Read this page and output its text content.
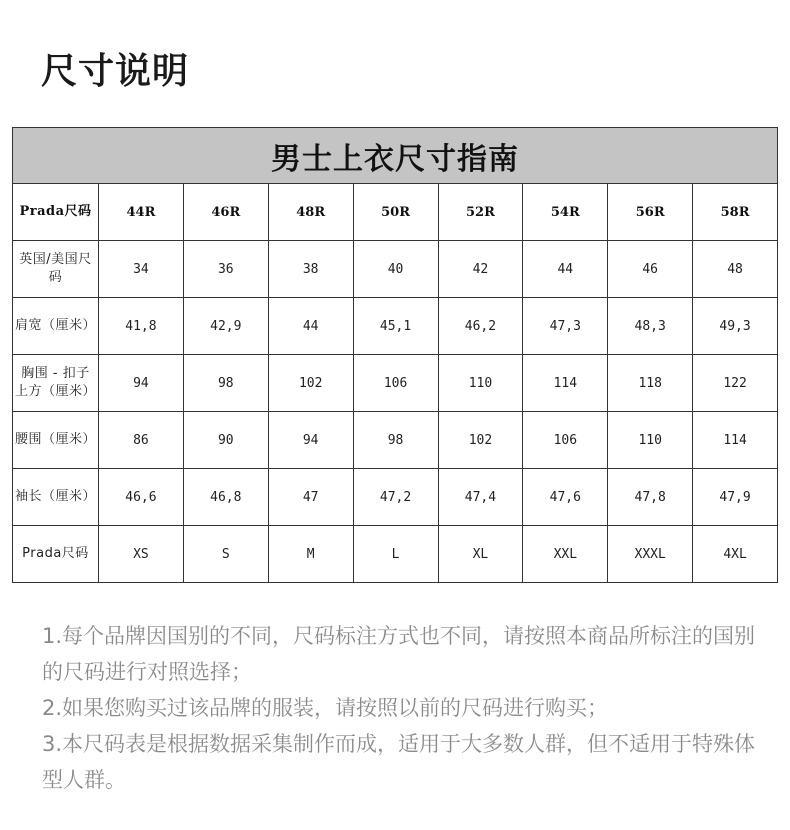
尺寸说明
男士上衣尺寸指南								
Prada尺码	44R	46R	48R	50R	52R	54R	56R	58R
英国/美国尺码	34	36	38	40	42	44	46	48
肩宽（厘米）	41,8	42,9	44	45,1	46,2	47,3	48,3	49,3
胸围 - 扣子上方（厘米）	94	98	102	106	110	114	118	122
腰围（厘米）	86	90	94	98	102	106	110	114
袖长（厘米）	46,6	46,8	47	47,2	47,4	47,6	47,8	47,9
Prada尺码	XS	S	M	L	XL	XXL	XXXL	4XL

1.每个品牌因国别的不同，尺码标注方式也不同，请按照本商品所标注的国别的尺码进行对照选择；

2.如果您购买过该品牌的服装，请按照以前的尺码进行购买；

3.本尺码表是根据数据采集制作而成，适用于大多数人群，但不适用于特殊体型人群。
